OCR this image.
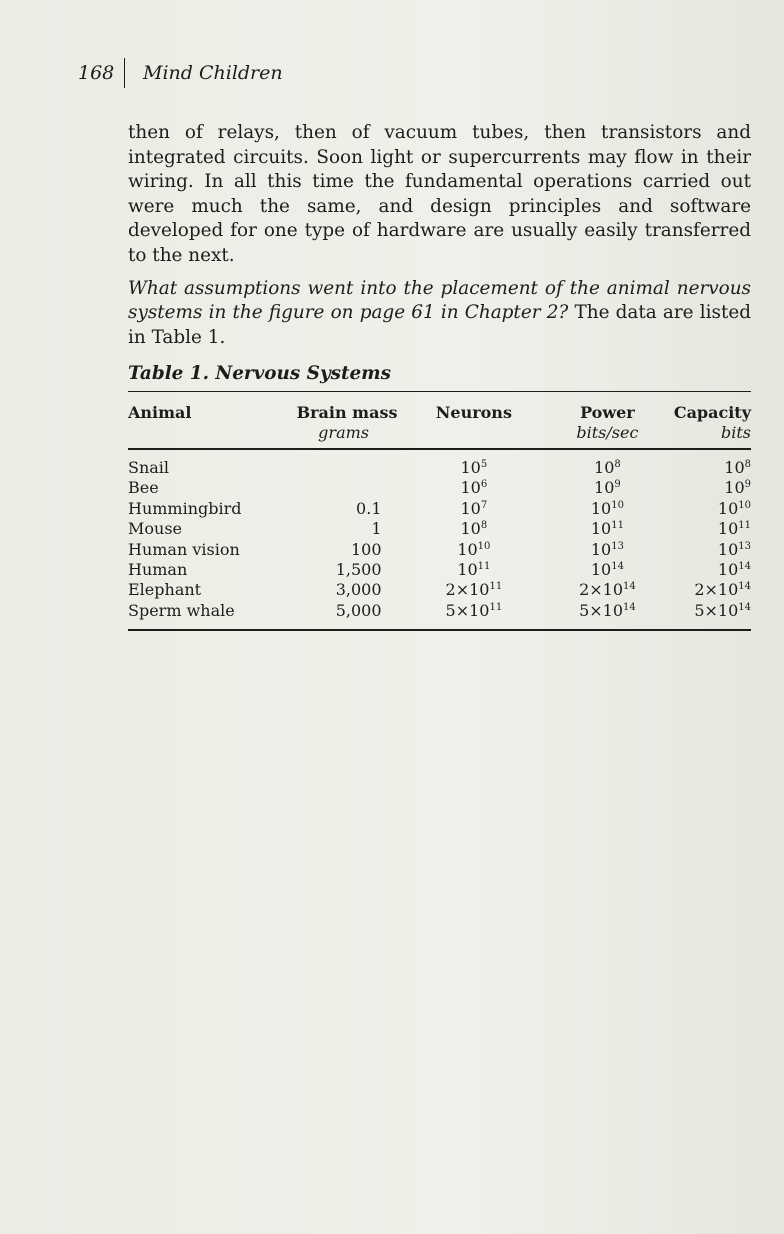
168	Mind Children

then of relays, then of vacuum tubes, then transistors and integrated circuits. Soon light or supercurrents may flow in their wiring. In all this time the fundamental operations carried out were much the same, and design principles and software developed for one type of hardware are usually easily transferred to the next.

What assumptions went into the placement of the animal nervous systems in the figure on page 61 in Chapter 2? The data are listed in Table 1.

Table 1. Nervous Systems
Animal	Brain mass	Neurons	Power	Capacity
	grams		bits/sec	bits

Snail		$10^5$	$10^8$	$10^8$
Bee		$10^6$	$10^9$	$10^9$
Hummingbird	0.1	$10^7$	$10^{10}$	$10^{10}$
Mouse	1	$10^8$	$10^{11}$	$10^{11}$
Human vision	100	$10^{10}$	$10^{13}$	$10^{13}$
Human	1,500	$10^{11}$	$10^{14}$	$10^{14}$
Elephant	3,000	$2\times 10^{11}$	$2\times 10^{14}$	$2\times 10^{14}$
Sperm whale	5,000	$5\times 10^{11}$	$5\times 10^{14}$	$5\times 10^{14}$
